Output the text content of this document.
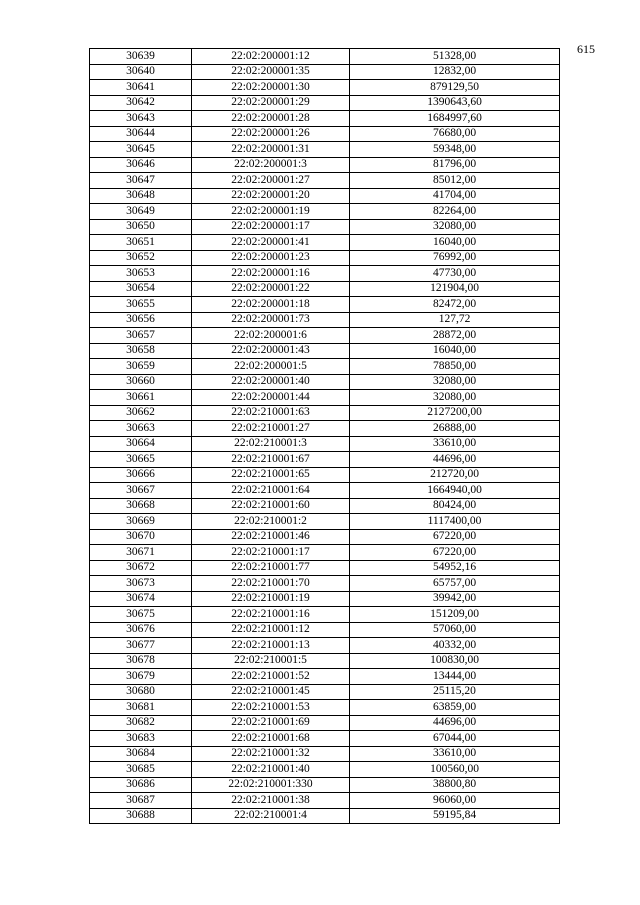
615
30639	22:02:200001:12	51328,00
30640	22:02:200001:35	12832,00
30641	22:02:200001:30	879129,50
30642	22:02:200001:29	1390643,60
30643	22:02:200001:28	1684997,60
30644	22:02:200001:26	76680,00
30645	22:02:200001:31	59348,00
30646	22:02:200001:3	81796,00
30647	22:02:200001:27	85012,00
30648	22:02:200001:20	41704,00
30649	22:02:200001:19	82264,00
30650	22:02:200001:17	32080,00
30651	22:02:200001:41	16040,00
30652	22:02:200001:23	76992,00
30653	22:02:200001:16	47730,00
30654	22:02:200001:22	121904,00
30655	22:02:200001:18	82472,00
30656	22:02:200001:73	127,72
30657	22:02:200001:6	28872,00
30658	22:02:200001:43	16040,00
30659	22:02:200001:5	78850,00
30660	22:02:200001:40	32080,00
30661	22:02:200001:44	32080,00
30662	22:02:210001:63	2127200,00
30663	22:02:210001:27	26888,00
30664	22:02:210001:3	33610,00
30665	22:02:210001:67	44696,00
30666	22:02:210001:65	212720,00
30667	22:02:210001:64	1664940,00
30668	22:02:210001:60	80424,00
30669	22:02:210001:2	1117400,00
30670	22:02:210001:46	67220,00
30671	22:02:210001:17	67220,00
30672	22:02:210001:77	54952,16
30673	22:02:210001:70	65757,00
30674	22:02:210001:19	39942,00
30675	22:02:210001:16	151209,00
30676	22:02:210001:12	57060,00
30677	22:02:210001:13	40332,00
30678	22:02:210001:5	100830,00
30679	22:02:210001:52	13444,00
30680	22:02:210001:45	25115,20
30681	22:02:210001:53	63859,00
30682	22:02:210001:69	44696,00
30683	22:02:210001:68	67044,00
30684	22:02:210001:32	33610,00
30685	22:02:210001:40	100560,00
30686	22:02:210001:330	38800,80
30687	22:02:210001:38	96060,00
30688	22:02:210001:4	59195,84
